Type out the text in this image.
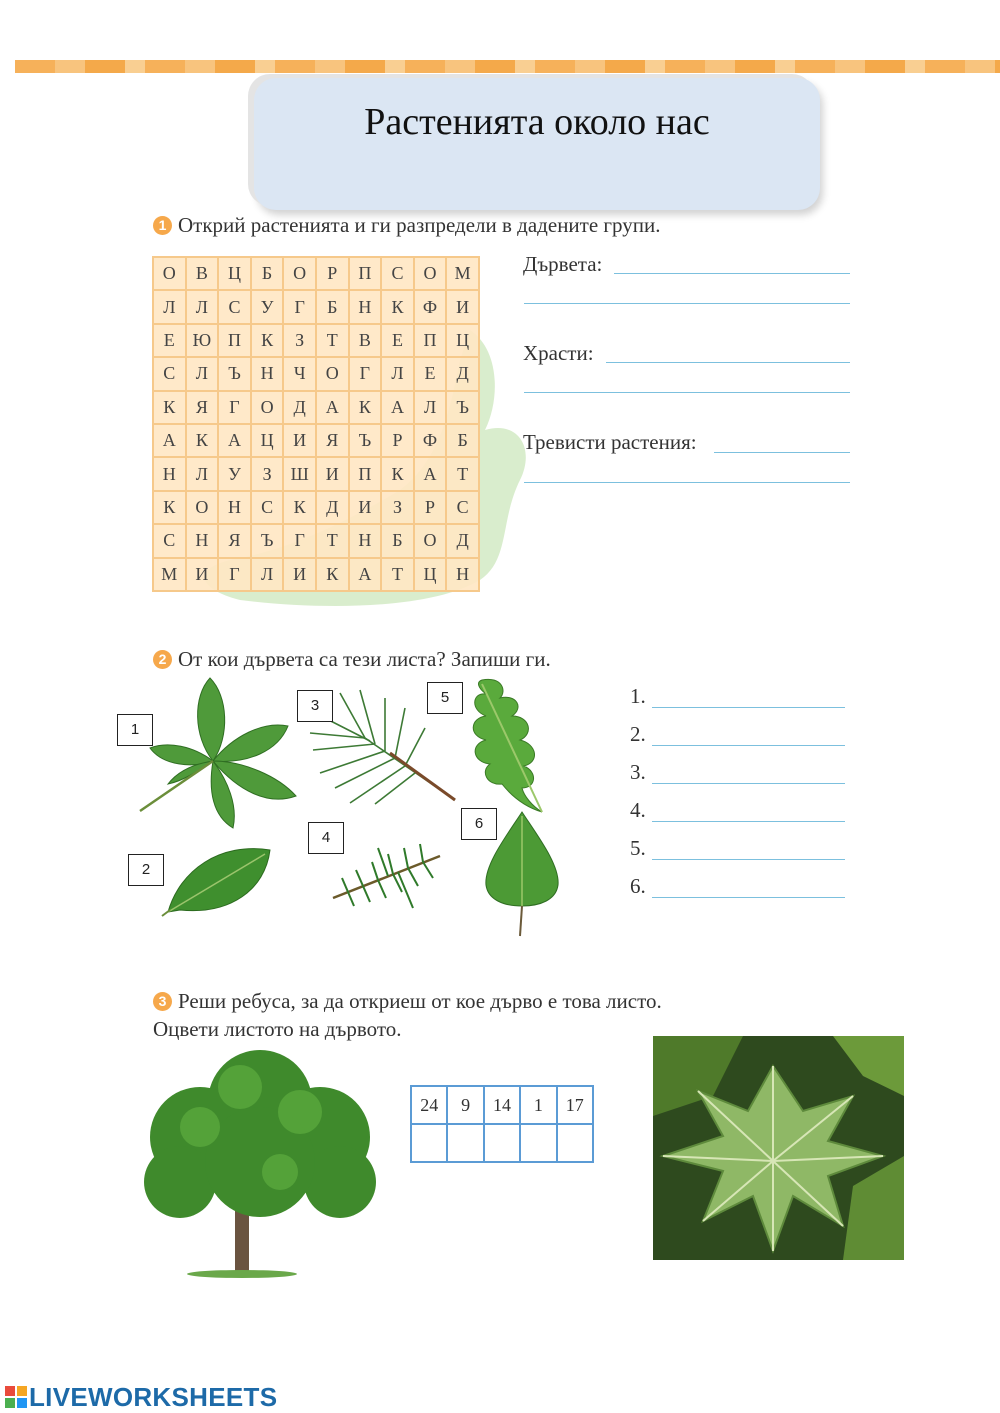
Растенията около нас
1 Открий растенията и ги разпредели в дадените групи.
О	В	Ц	Б	О	Р	П	С	О	М
Л	Л	С	У	Г	Б	Н	К	Ф	И
Е	Ю	П	К	З	Т	В	Е	П	Ц
С	Л	Ъ	Н	Ч	О	Г	Л	Е	Д
К	Я	Г	О	Д	А	К	А	Л	Ъ
А	К	А	Ц	И	Я	Ъ	Р	Ф	Б
Н	Л	У	З	Ш	И	П	К	А	Т
К	О	Н	С	К	Д	И	З	Р	С
С	Н	Я	Ъ	Г	Т	Н	Б	О	Д
М	И	Г	Л	И	К	А	Т	Ц	Н
Дървета:
Храсти:
Тревисти растения:
2 От кои дървета са тези листа? Запиши ги.
1
2
3
4
5
6
1.
2.
3.
4.
5.
6.
3 Реши ребуса, за да откриеш от кое дърво е това листо.
Оцвети листото на дървото.
24	9	14	1	17

LIVEWORKSHEETS
